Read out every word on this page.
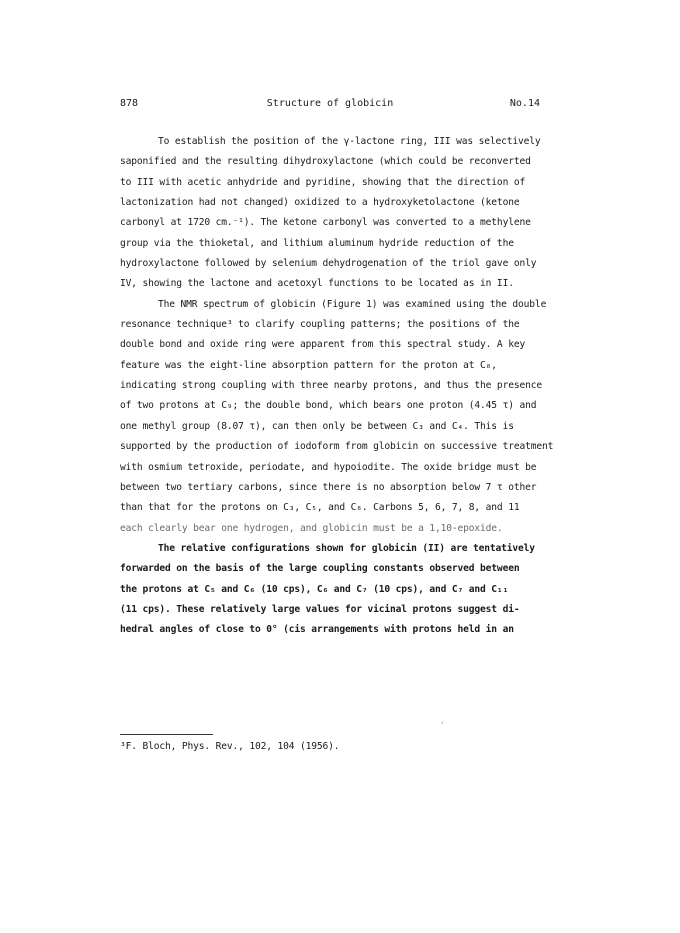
878	Structure of globicin	No.14
To establish the position of the γ-lactone ring, III was selectively
saponified and the resulting dihydroxylactone (which could be reconverted
to III with acetic anhydride and pyridine, showing that the direction of
lactonization had not changed) oxidized to a hydroxyketolactone (ketone
carbonyl at 1720 cm.⁻¹). The ketone carbonyl was converted to a methylene
group via the thioketal, and lithium aluminum hydride reduction of the
hydroxylactone followed by selenium dehydrogenation of the triol gave only
IV, showing the lactone and acetoxyl functions to be located as in II.
The NMR spectrum of globicin (Figure 1) was examined using the double
resonance technique³ to clarify coupling patterns; the positions of the
double bond and oxide ring were apparent from this spectral study. A key
feature was the eight-line absorption pattern for the proton at C₈,
indicating strong coupling with three nearby protons, and thus the presence
of two protons at C₉; the double bond, which bears one proton (4.45 τ) and
one methyl group (8.07 τ), can then only be between C₃ and C₄. This is
supported by the production of iodoform from globicin on successive treatment
with osmium tetroxide, periodate, and hypoiodite. The oxide bridge must be
between two tertiary carbons, since there is no absorption below 7 τ other
than that for the protons on C₃, C₅, and C₈. Carbons 5, 6, 7, 8, and 11
each clearly bear one hydrogen, and globicin must be a 1,10-epoxide.
The relative configurations shown for globicin (II) are tentatively
forwarded on the basis of the large coupling constants observed between
the protons at C₅ and C₆ (10 cps), C₆ and C₇ (10 cps), and C₇ and C₁₁
(11 cps). These relatively large values for vicinal protons suggest di-
hedral angles of close to 0° (cis arrangements with protons held in an
,
³F. Bloch, Phys. Rev., 102, 104 (1956).
